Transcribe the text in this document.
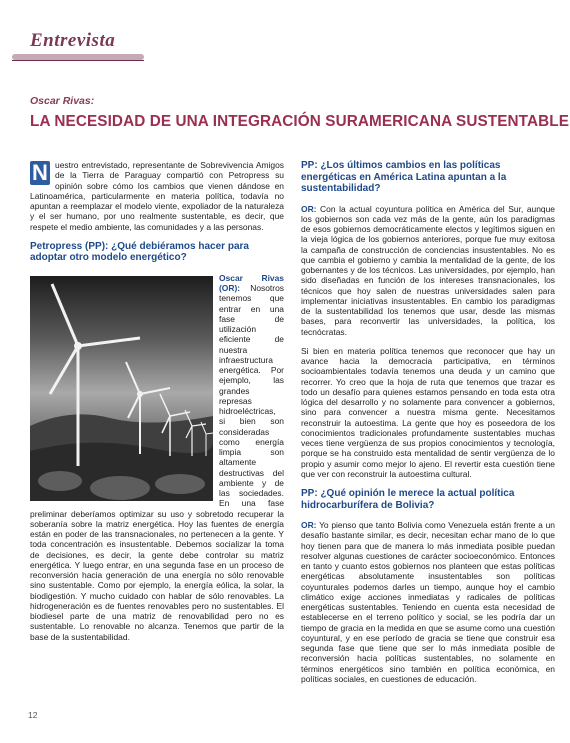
Entrevista
Oscar Rivas:
LA NECESIDAD DE UNA INTEGRACIÓN SURAMERICANA SUSTENTABLE

N uestro entrevistado, representante de Sobrevivencia Amigos de la Tierra de Paraguay compartió con Petropress su opinión sobre cómo los cambios que vienen dándose en Latinoamérica, particularmente en materia política, todavía no apuntan a reemplazar el modelo viente, expoliador de la naturaleza y el ser humano, por uno realmente sustentable, es decir, que respete el medio ambiente, las comunidades y a las personas.

Petropress (PP): ¿Qué debiéramos hacer para adoptar otro modelo energético?

Oscar Rivas (OR): Nosotros tenemos que entrar en una fase de utilización eficiente de nuestra infraestructura energética. Por ejemplo, las grandes represas hidroeléctricas, si bien son consideradas como energía limpia son altamente destructivas del ambiente y de las sociedades. En una fase preliminar deberíamos optimizar su uso y sobretodo recuperar la soberanía sobre la matriz energética. Hoy las fuentes de energía están en poder de las transnacionales, no pertenecen a la gente. Y toda concentración es insustentable. Debemos socializar la toma de decisiones, es decir, la gente debe controlar su matriz energética. Y luego entrar, en una segunda fase en un proceso de reconversión hacia generación de una energía no sólo renovable sino sustentable. Como por ejemplo, la energía eólica, la solar, la biodigestión. Y mucho cuidado con hablar de sólo renovables. La hidrogeneración es de fuentes renovables pero no sustentables. El biodiesel parte de una matriz de renovabilidad pero no es sustentable. Lo renovable no alcanza. Tenemos que partir de la base de la sustentabilidad.

PP: ¿Los últimos cambios en las políticas energéticas en América Latina apuntan a la sustentabilidad?

OR: Con la actual coyuntura política en América del Sur, aunque los gobiernos son cada vez más de la gente, aún los paradigmas de esos gobiernos democráticamente electos y legítimos siguen en la vieja lógica de los gobiernos anteriores, porque fue muy exitosa la campaña de construcción de conciencias insustentables. No es que cambia el gobierno y cambia la mentalidad de la gente, de los gobernantes y de los técnicos. Las universidades, por ejemplo, han sido diseñadas en función de los intereses transnacionales, los técnicos que hoy salen de nuestras universidades salen para implementar iniciativas insustentables. En cambio los paradigmas de la sustentabilidad los tenemos que usar, desde las mismas bases, para reconvertir las universidades, la política, los tecnócratas.

Si bien en materia política tenemos que reconocer que hay un avance hacia la democracia participativa, en términos socioambientales todavía tenemos una deuda y un camino que recorrer. Yo creo que la hoja de ruta que tenemos que trazar es todo un desafío para quienes estamos pensando en toda esta otra lógica del desarrollo y no solamente para convencer a gobiernos, sino para convencer a nuestra misma gente. Necesitamos reconstruir la autoestima. La gente que hoy es poseedora de los conocimientos tradicionales profundamente sustentables muchas veces tiene vergüenza de sus propios conocimientos y tecnología, porque se ha construido esta mentalidad de sentir vergüenza de lo propio y asumir como mejor lo ajeno. El revertir esta cuestión tiene que ver con reconstruir la autoestima cultural.

PP: ¿Qué opinión le merece la actual política hidrocarburífera de Bolivia?

OR: Yo pienso que tanto Bolivia como Venezuela están frente a un desafío bastante similar, es decir, necesitan echar mano de lo que hoy tienen para que de manera lo más inmediata posible puedan resolver algunas cuestiones de carácter socioeconómico. Entonces en tanto y cuanto estos gobiernos nos planteen que estas políticas energéticas absolutamente insustentables son políticas coyunturales podemos darles un tiempo, aunque hoy el cambio climático exige acciones inmediatas y radicales de políticas energéticas sustentables. Teniendo en cuenta esta necesidad de establecerse en el terreno político y social, se les podría dar un tiempo de gracia en la medida en que se asume como una cuestión coyuntural, y en ese período de gracia se tiene que construir esa segunda fase que tiene que ser lo más inmediata posible de reconversión hacia políticas sustentables, no solamente en términos energéticos sino también en política económica, en políticas sociales, en cuestiones de educación.

12
